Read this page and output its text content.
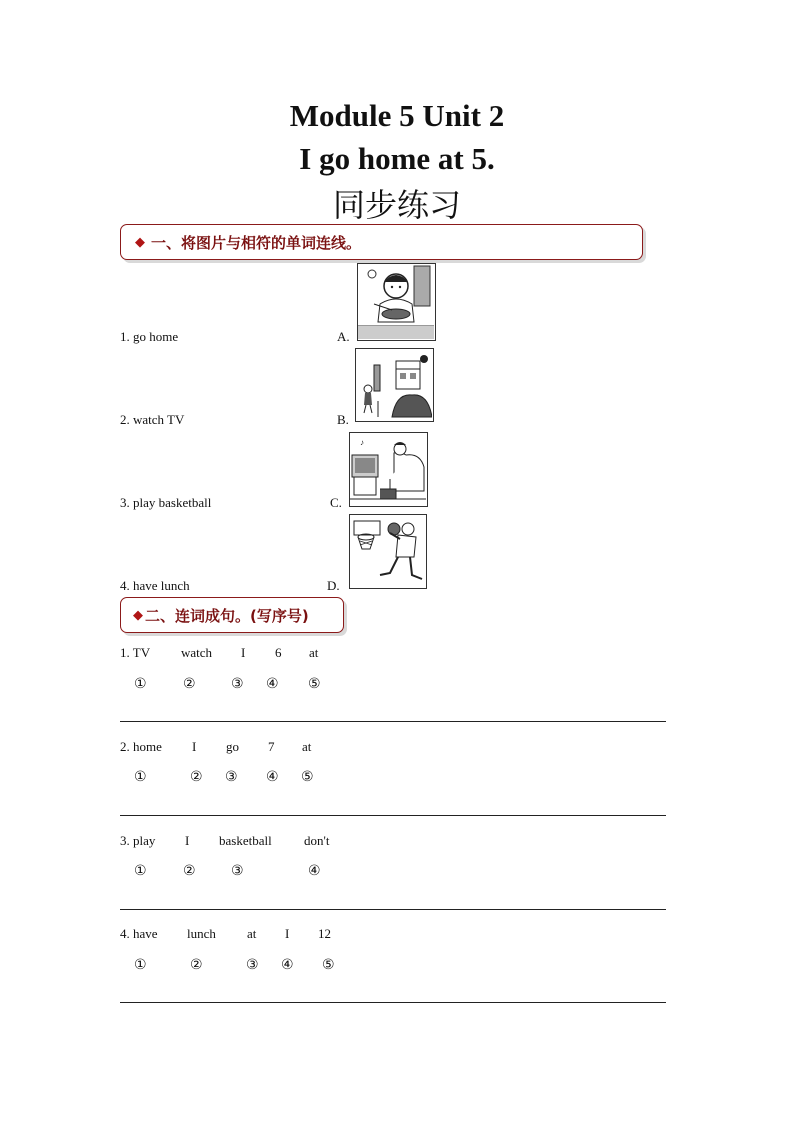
Module 5 Unit 2
I go home at 5.
同步练习
◆ 一、将图片与相符的单词连线。
1. go home
2. watch TV
3. play basketball
4. have lunch
A.
B.
C.
D.
♪
◆ 二、连词成句。(写序号)
1. TV watch I 6 at
①	②	③ ④ ⑤
2. home I go 7 at
①	② ③ ④ ⑤
3. play I basketball don't
①	②	③	④
4. have lunch at I 12
①	②	③ ④ ⑤
